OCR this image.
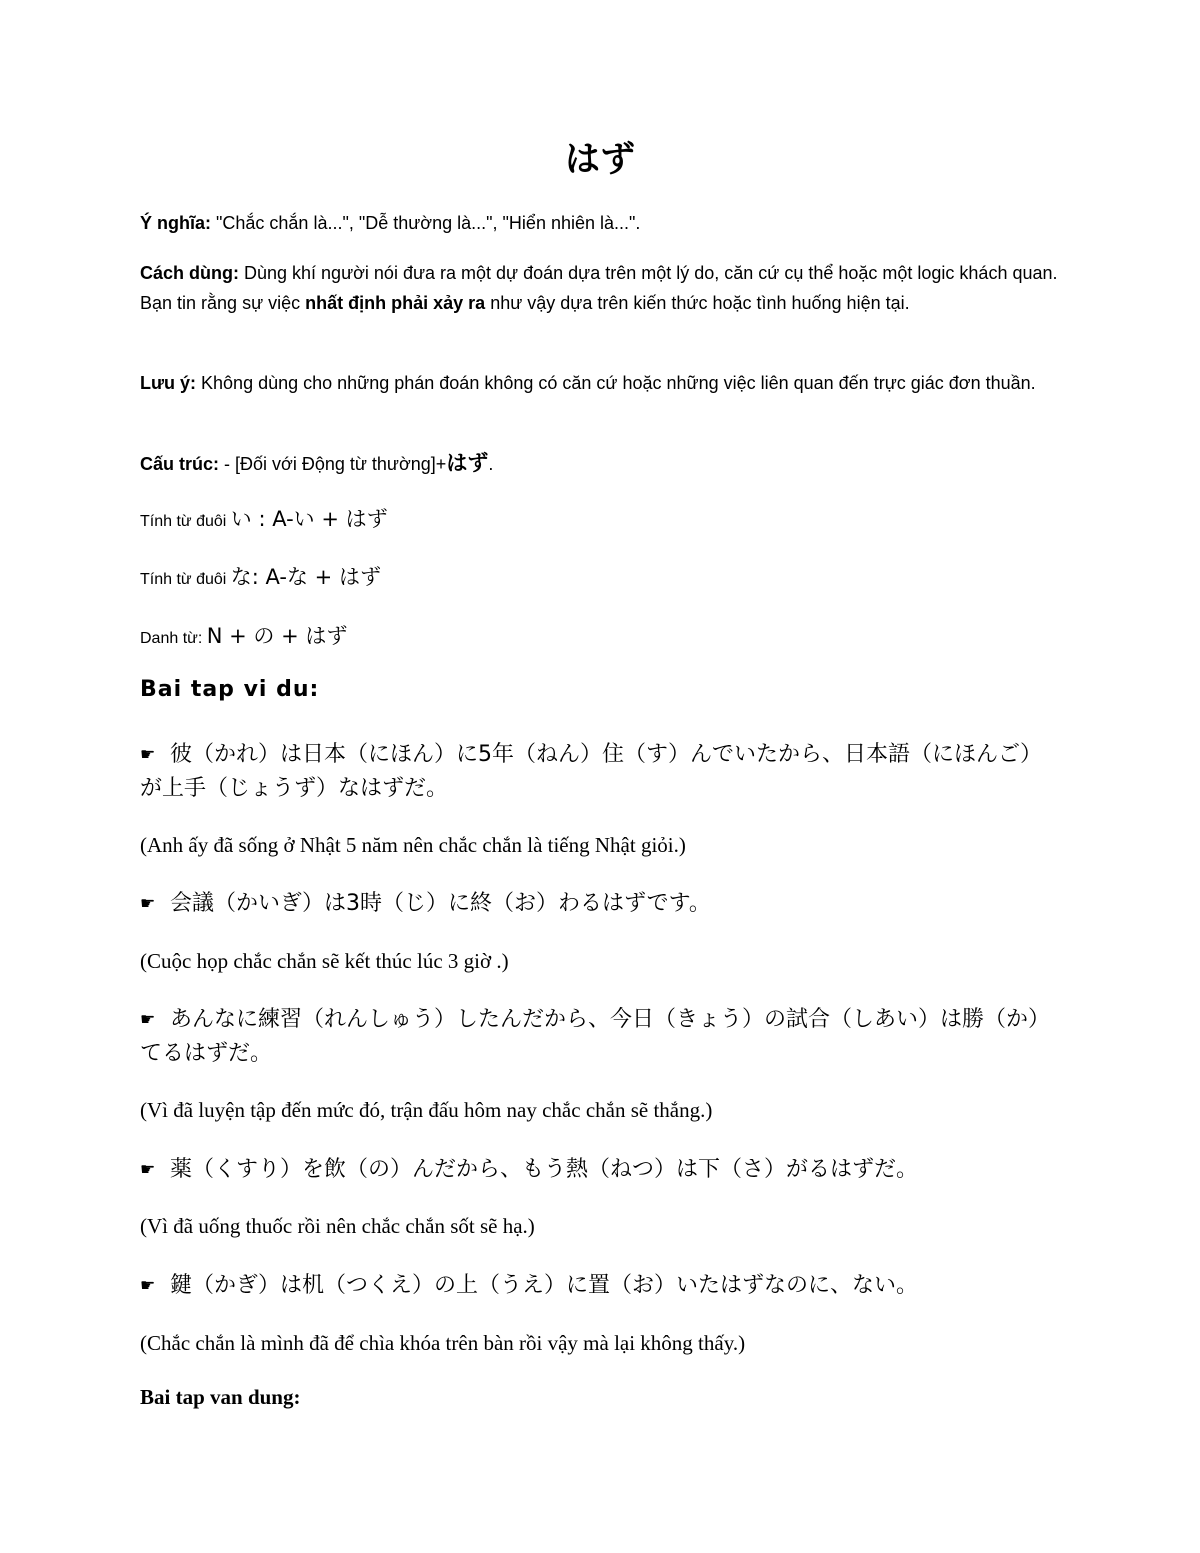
はず
Ý nghĩa: "Chắc chắn là...", "Dễ thường là...", "Hiển nhiên là...".
Cách dùng: Dùng khí người nói đưa ra một dự đoán dựa trên một lý do, căn cứ cụ thể hoặc một logic khách quan. Bạn tin rằng sự việc nhất định phải xảy ra như vậy dựa trên kiến thức hoặc tình huống hiện tại.
Lưu ý: Không dùng cho những phán đoán không có căn cứ hoặc những việc liên quan đến trực giác đơn thuần.
Cấu trúc: - [Đối với Động từ thường]+はず.
Tính từ đuôi い : A-い + はず
Tính từ đuôi な: A-な + はず
Danh từ: N + の + はず
Bai tap vi du:
☛ 彼（かれ）は日本（にほん）に5年（ねん）住（す）んでいたから、日本語（にほんご）が上手（じょうず）なはずだ。
(Anh ấy đã sống ở Nhật 5 năm nên chắc chắn là tiếng Nhật giỏi.)
☛ 会議（かいぎ）は3時（じ）に終（お）わるはずです。
(Cuộc họp chắc chắn sẽ kết thúc lúc 3 giờ .)
☛ あんなに練習（れんしゅう）したんだから、今日（きょう）の試合（しあい）は勝（か）てるはずだ。
(Vì đã luyện tập đến mức đó, trận đấu hôm nay chắc chắn sẽ thắng.)
☛ 薬（くすり）を飲（の）んだから、もう熱（ねつ）は下（さ）がるはずだ。
(Vì đã uống thuốc rồi nên chắc chắn sốt sẽ hạ.)
☛ 鍵（かぎ）は机（つくえ）の上（うえ）に置（お）いたはずなのに、ない。
(Chắc chắn là mình đã để chìa khóa trên bàn rồi vậy mà lại không thấy.)
Bai tap van dung:
